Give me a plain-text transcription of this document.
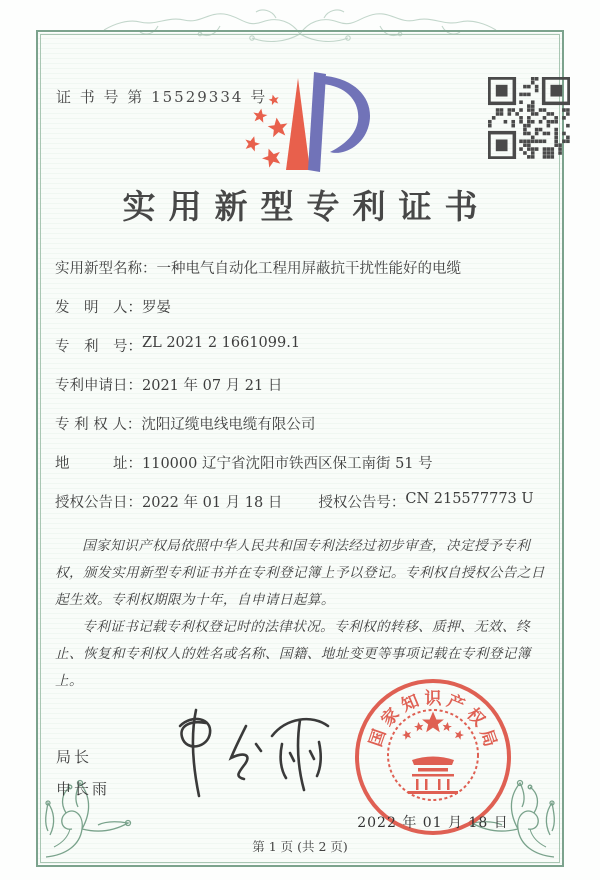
证 书 号 第 15529334 号
实用新型专利证书
实用新型名称： 一种电气自动化工程用屏蔽抗干扰性能好的电缆
发　明　人： 罗晏
专　利　号： ZL 2021 2 1661099.1
专利申请日： 2021 年 07 月 21 日
专 利 权 人： 沈阳辽缆电线电缆有限公司
地　　　址： 110000 辽宁省沈阳市铁西区保工南街 51 号
授权公告日： 2022 年 01 月 18 日 授权公告号： CN 215577773 U

国家知识产权局依照中华人民共和国专利法经过初步审查，决定授予专利权，颁发实用新型专利证书并在专利登记簿上予以登记。专利权自授权公告之日起生效。专利权期限为十年，自申请日起算。

专利证书记载专利权登记时的法律状况。专利权的转移、质押、无效、终止、恢复和专利权人的姓名或名称、国籍、地址变更等事项记载在专利登记簿上。

局长
申长雨
国
家
知 识 产
权
局
2022 年 01 月 18 日
第 1 页 (共 2 页)
